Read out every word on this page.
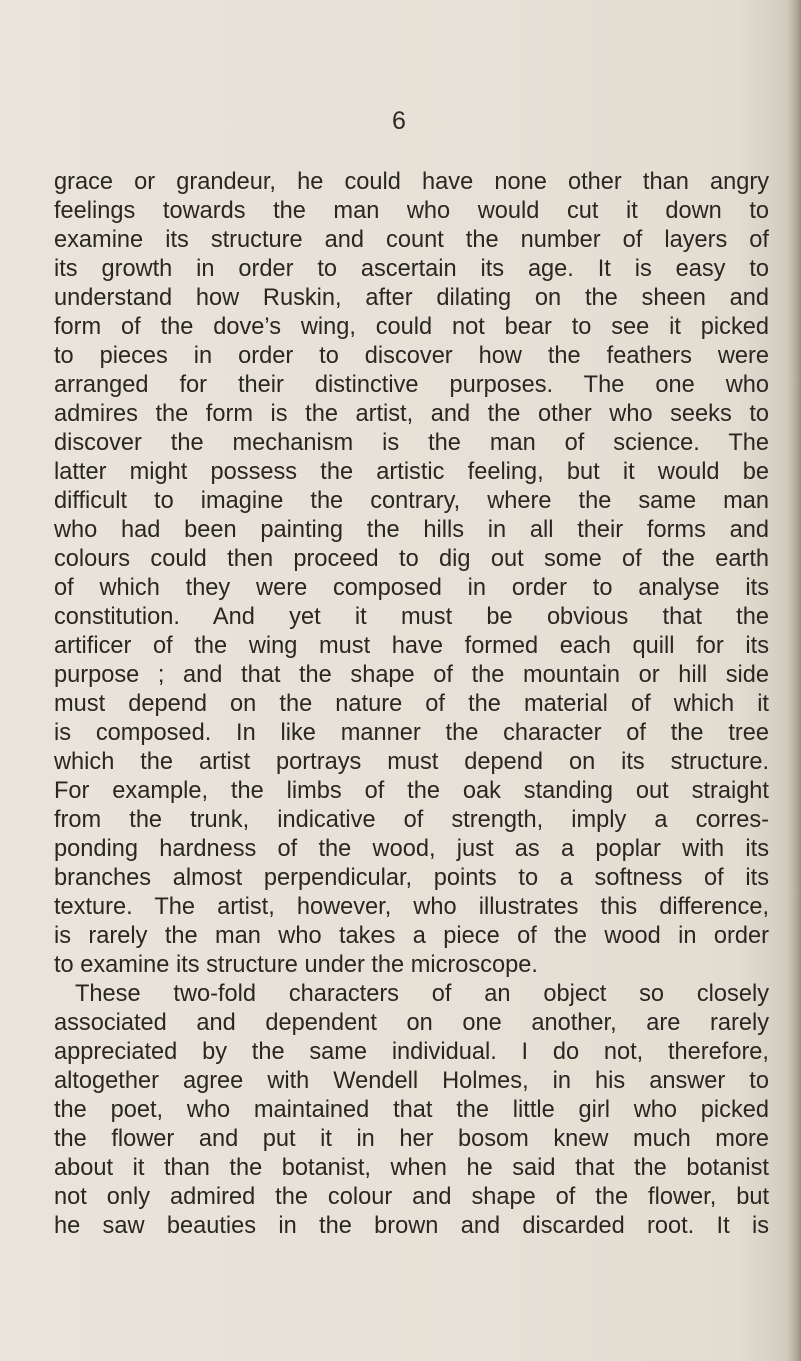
6
grace or grandeur, he could have none other than angry
feelings towards the man who would cut it down to
examine its structure and count the number of layers of
its growth in order to ascertain its age. It is easy to
understand how Ruskin, after dilating on the sheen and
form of the dove’s wing, could not bear to see it picked
to pieces in order to discover how the feathers were
arranged for their distinctive purposes. The one who
admires the form is the artist, and the other who seeks to
discover the mechanism is the man of science. The
latter might possess the artistic feeling, but it would be
difficult to imagine the contrary, where the same man
who had been painting the hills in all their forms and
colours could then proceed to dig out some of the earth
of which they were composed in order to analyse its
constitution. And yet it must be obvious that the
artificer of the wing must have formed each quill for its
purpose ; and that the shape of the mountain or hill side
must depend on the nature of the material of which it
is composed. In like manner the character of the tree
which the artist portrays must depend on its structure.
For example, the limbs of the oak standing out straight
from the trunk, indicative of strength, imply a corres-
ponding hardness of the wood, just as a poplar with its
branches almost perpendicular, points to a softness of its
texture. The artist, however, who illustrates this difference,
is rarely the man who takes a piece of the wood in order
to examine its structure under the microscope.
These two-fold characters of an object so closely
associated and dependent on one another, are rarely
appreciated by the same individual. I do not, therefore,
altogether agree with Wendell Holmes, in his answer to
the poet, who maintained that the little girl who picked
the flower and put it in her bosom knew much more
about it than the botanist, when he said that the botanist
not only admired the colour and shape of the flower, but
he saw beauties in the brown and discarded root. It is
